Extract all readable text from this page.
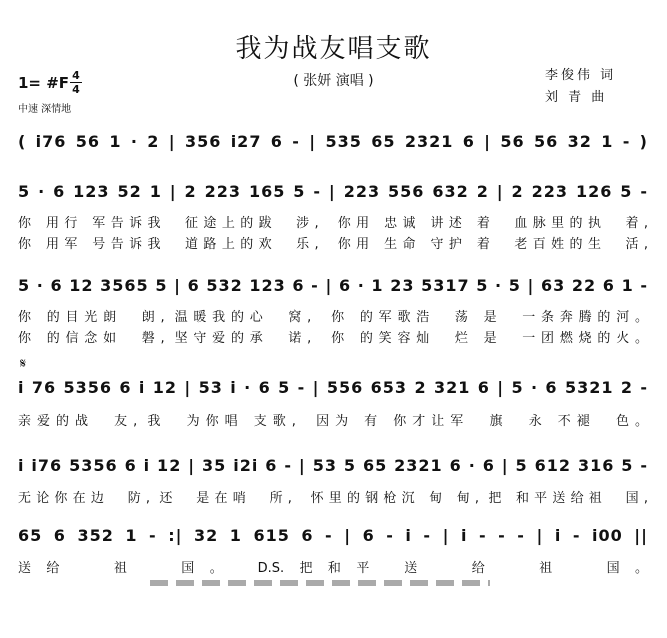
我为战友唱支歌
( 张妍 演唱 )	李俊伟 词
刘 青 曲
1= #F 4
4
中速 深情地
( i76 56 1 · 2 | 356 i27 6 - | 535 65 2321 6 | 56 56 32 1 - )
5 · 6 123 52 1 | 2 223 165 5 - | 223 556 632 2 | 2 223 126 5 -
你 用行 军告诉我  征途上的跋  涉,  你用 忠诚 讲述 着  血脉里的执  着,
你 用军 号告诉我  道路上的欢  乐,  你用 生命 守护 着  老百姓的生  活,
5 · 6 12 3565 5 | 6 532 123 6 - | 6 · 1 23 5317 5 · 5 | 63 22 6 1 -
你 的目光朗  朗, 温暖我的心  窝,  你 的军歌浩  荡 是  一条奔腾的河。
你 的信念如  磐, 坚守爱的承  诺,  你 的笑容灿  烂 是  一团燃烧的火。
𝄋
i 76 5356 6 i 12 | 53 i · 6 5 - | 556 653 2 321 6 | 5 · 6 5321 2 -
亲爱的战  友, 我  为你唱 支歌,  因为 有 你才让军  旗  永 不褪  色。
i i76 5356 6 i 12 | 35 i2i 6 - | 53 5 65 2321 6 · 6 | 5 612 316 5 -
无论你在边  防, 还  是在哨  所,  怀里的钢枪沉 甸 甸, 把 和平送给祖  国,
65 6 352 1 - :| 32 1 615 6 - | 6 - i - | i - - - | i - i00 ||
送给  祖  国。 D.S.把和平 送  给  祖  国。
